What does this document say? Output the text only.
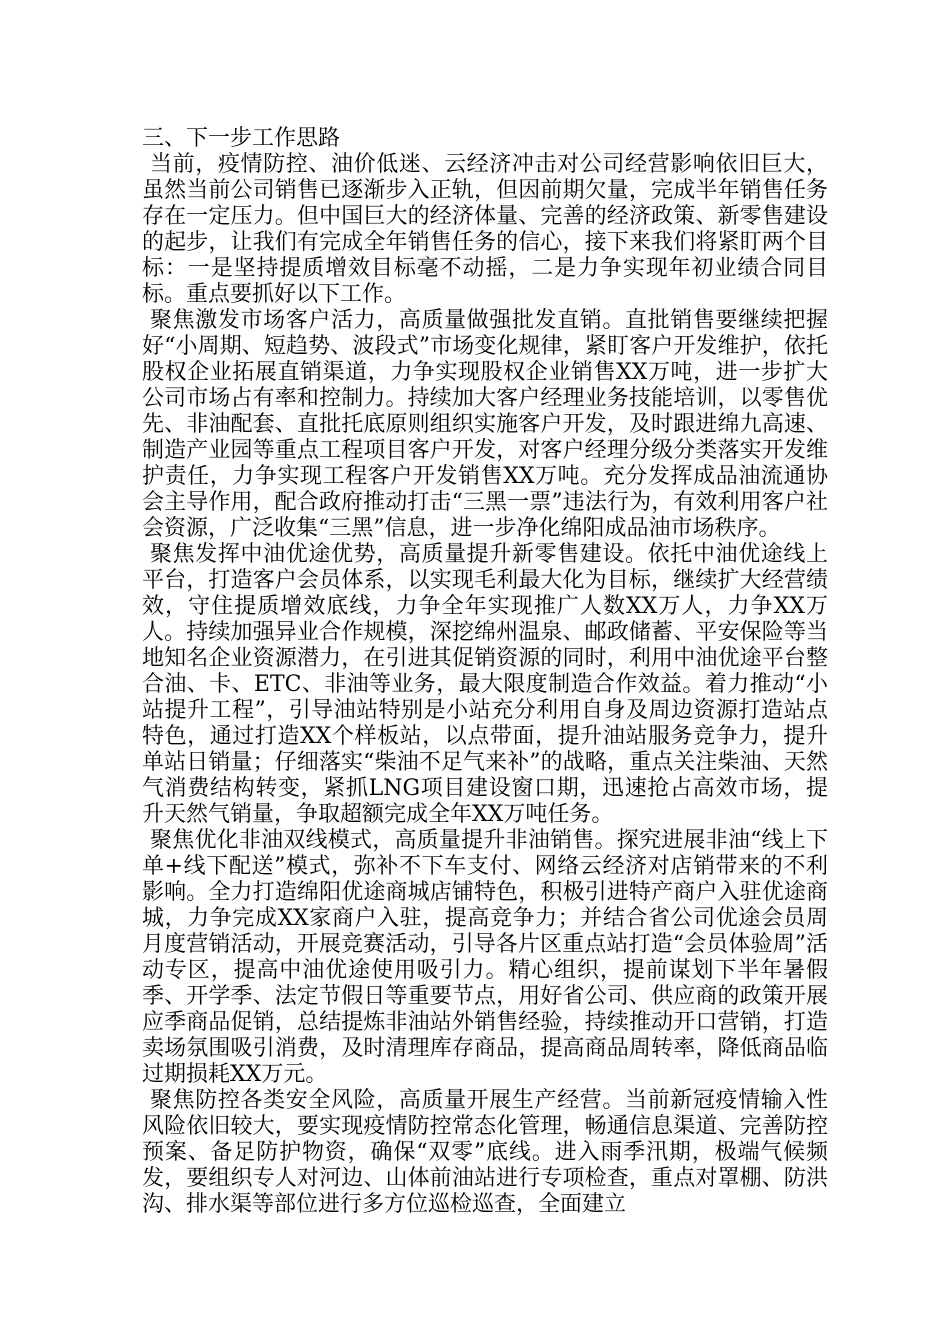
三、下一步工作思路

当前，疫情防控、油价低迷、云经济冲击对公司经营影响依旧巨大，虽然当前公司销售已逐渐步入正轨，但因前期欠量，完成半年销售任务存在一定压力。但中国巨大的经济体量、完善的经济政策、新零售建设的起步，让我们有完成全年销售任务的信心，接下来我们将紧盯两个目标：一是坚持提质增效目标毫不动摇，二是力争实现年初业绩合同目标。重点要抓好以下工作。

聚焦激发市场客户活力，高质量做强批发直销。直批销售要继续把握好“小周期、短趋势、波段式”市场变化规律，紧盯客户开发维护，依托股权企业拓展直销渠道，力争实现股权企业销售XX万吨，进一步扩大公司市场占有率和控制力。持续加大客户经理业务技能培训，以零售优先、非油配套、直批托底原则组织实施客户开发，及时跟进绵九高速、制造产业园等重点工程项目客户开发，对客户经理分级分类落实开发维护责任，力争实现工程客户开发销售XX万吨。充分发挥成品油流通协会主导作用，配合政府推动打击“三黑一票”违法行为，有效利用客户社会资源，广泛收集“三黑”信息，进一步净化绵阳成品油市场秩序。

聚焦发挥中油优途优势，高质量提升新零售建设。依托中油优途线上平台，打造客户会员体系，以实现毛利最大化为目标，继续扩大经营绩效，守住提质增效底线，力争全年实现推广人数XX万人，力争XX万人。持续加强异业合作规模，深挖绵州温泉、邮政储蓄、平安保险等当地知名企业资源潜力，在引进其促销资源的同时，利用中油优途平台整合油、卡、ETC、非油等业务，最大限度制造合作效益。着力推动“小站提升工程”，引导油站特别是小站充分利用自身及周边资源打造站点特色，通过打造XX个样板站，以点带面，提升油站服务竞争力，提升单站日销量；仔细落实“柴油不足气来补”的战略，重点关注柴油、天然气消费结构转变，紧抓LNG项目建设窗口期，迅速抢占高效市场，提升天然气销量，争取超额完成全年XX万吨任务。

聚焦优化非油双线模式，高质量提升非油销售。探究进展非油“线上下单+线下配送”模式，弥补不下车支付、网络云经济对店销带来的不利影响。全力打造绵阳优途商城店铺特色，积极引进特产商户入驻优途商城，力争完成XX家商户入驻，提高竞争力；并结合省公司优途会员周月度营销活动，开展竞赛活动，引导各片区重点站打造“会员体验周”活动专区，提高中油优途使用吸引力。精心组织，提前谋划下半年暑假季、开学季、法定节假日等重要节点，用好省公司、供应商的政策开展应季商品促销，总结提炼非油站外销售经验，持续推动开口营销，打造卖场氛围吸引消费，及时清理库存商品，提高商品周转率，降低商品临过期损耗XX万元。

聚焦防控各类安全风险，高质量开展生产经营。当前新冠疫情输入性风险依旧较大，要实现疫情防控常态化管理，畅通信息渠道、完善防控预案、备足防护物资，确保“双零”底线。进入雨季汛期，极端气候频发，要组织专人对河边、山体前油站进行专项检查，重点对罩棚、防洪沟、排水渠等部位进行多方位巡检巡查，全面建立
